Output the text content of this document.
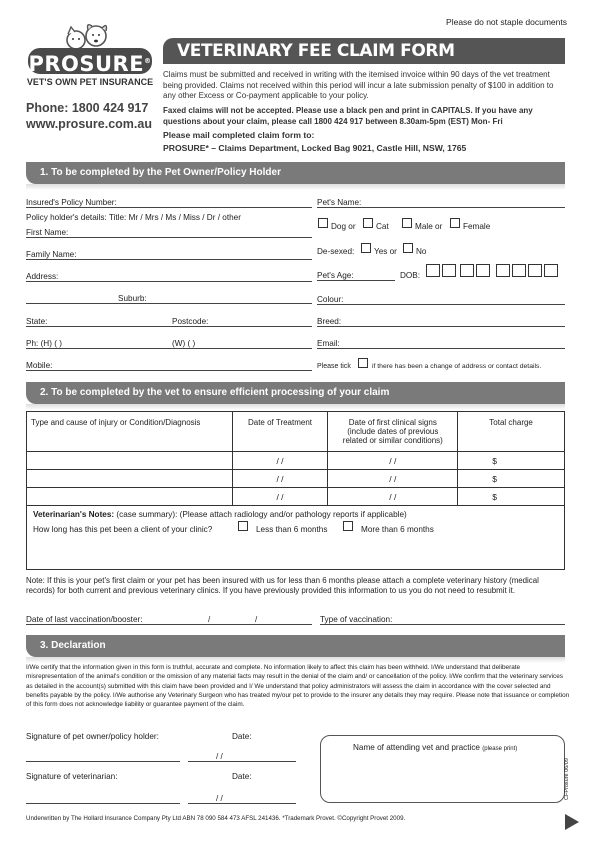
Please do not staple documents
PROSURE®
VET'S OWN PET INSURANCE
Phone: 1800 424 917
www.prosure.com.au
VETERINARY FEE CLAIM FORM
Claims must be submitted and received in writing with the itemised invoice within 90 days of the vet treatment being provided. Claims not received within this period will incur a late submission penalty of $100 in addition to any other Excess or Co-payment applicable to your policy.
Faxed claims will not be accepted. Please use a black pen and print in CAPITALS. If you have any questions about your claim, please call 1800 424 917 between 8.30am-5pm (EST) Mon- Fri
Please mail completed claim form to:
PROSURE* – Claims Department, Locked Bag 9021, Castle Hill, NSW, 1765
1. To be completed by the Pet Owner/Policy Holder
Insured's Policy Number:
Policy holder's details: Title: Mr / Mrs / Ms / Miss / Dr / other
First Name:
Family Name:
Address:
Suburb:
State:	Postcode:
Ph: (H) ( )	(W) ( )
Mobile:
Pet's Name:
Dog or Cat	Male or	Female
De-sexed: Yes or No
Pet's Age:	DOB:
Colour:
Breed:
Email:
Please tick	if there has been a change of address or contact details.
2. To be completed by the vet to ensure efficient processing of your claim
Type and cause of injury or Condition/Diagnosis	Date of Treatment	Date of first clinical signs (include dates of previous related or similar conditions)	Total charge
	/ /	/ /	$
	/ /	/ /	$
	/ /	/ /	$
Veterinarian's Notes: (case summary): (Please attach radiology and/or pathology reports if applicable)
How long has this pet been a client of your clinic?	Less than 6 months	More than 6 months
Note: If this is your pet's first claim or your pet has been insured with us for less than 6 months please attach a complete veterinary history (medical records) for both current and previous veterinary clinics. If you have previously provided this information to us you do not need to resubmit it.
Date of last vaccination/booster:	/	/	Type of vaccination:
3. Declaration
I/We certify that the information given in this form is truthful, accurate and complete. No information likely to affect this claim has been withheld. I/We understand that deliberate misrepresentation of the animal's condition or the omission of any material facts may result in the denial of the claim and/ or cancellation of the policy. I/We confirm that the veterinary services as detailed in the account(s) submitted with this claim have been provided and I/ We understand that policy administrators will assess the claim in accordance with the cover selected and benefits payable by the policy. I/We authorise any Veterinary Surgeon who has treated my/our pet to provide to the insurer any details they may require. Please note that issuance or completion of this form does not acknowledge liability or guarantee payment of the claim.
Signature of pet owner/policy holder:	Date:
/ /
Signature of veterinarian:	Date:
/ /
Name of attending vet and practice (please print)
CFProsure 06/09
Underwritten by The Hollard Insurance Company Pty Ltd ABN 78 090 584 473 AFSL 241436. *Trademark Provet. ©Copyright Provet 2009.
